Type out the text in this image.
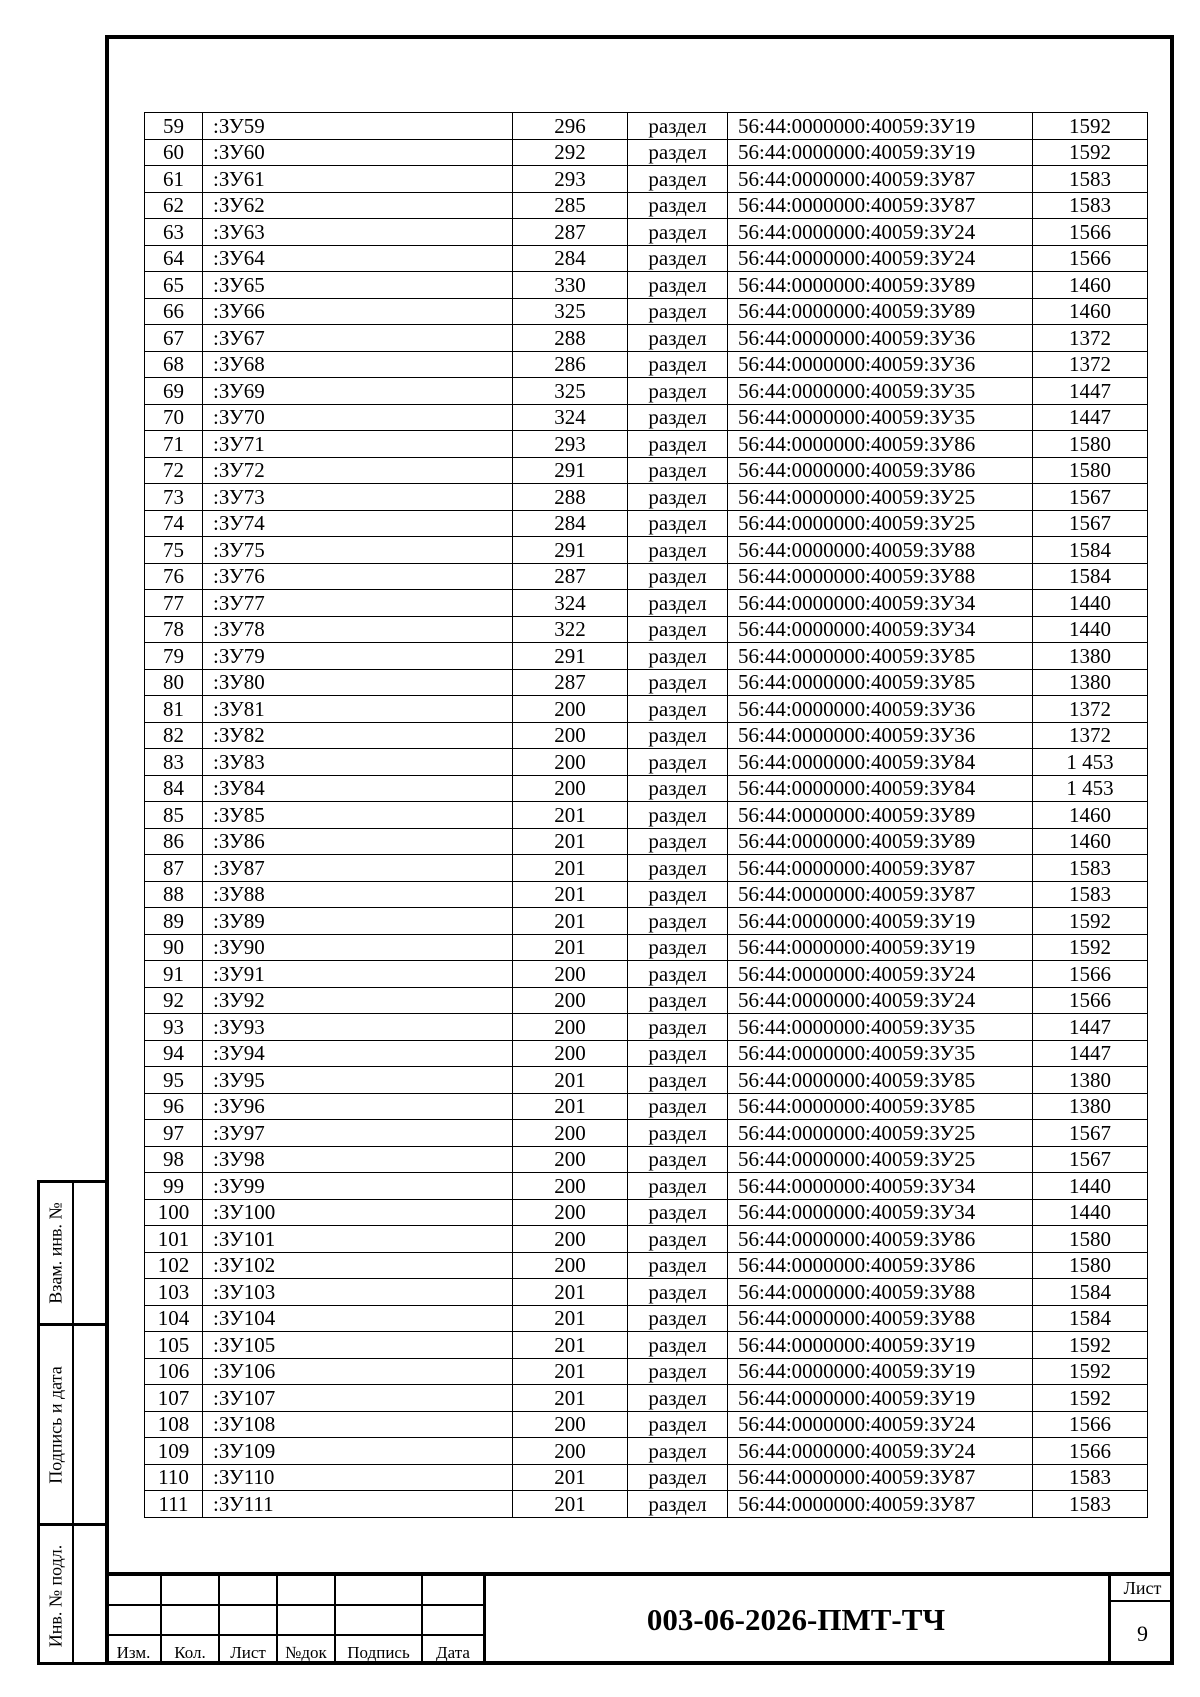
Взам. инв. №
Подпись и дата
Инв. № подл.
59	:ЗУ59	296	раздел	56:44:0000000:40059:ЗУ19	1592
60	:ЗУ60	292	раздел	56:44:0000000:40059:ЗУ19	1592
61	:ЗУ61	293	раздел	56:44:0000000:40059:ЗУ87	1583
62	:ЗУ62	285	раздел	56:44:0000000:40059:ЗУ87	1583
63	:ЗУ63	287	раздел	56:44:0000000:40059:ЗУ24	1566
64	:ЗУ64	284	раздел	56:44:0000000:40059:ЗУ24	1566
65	:ЗУ65	330	раздел	56:44:0000000:40059:ЗУ89	1460
66	:ЗУ66	325	раздел	56:44:0000000:40059:ЗУ89	1460
67	:ЗУ67	288	раздел	56:44:0000000:40059:ЗУ36	1372
68	:ЗУ68	286	раздел	56:44:0000000:40059:ЗУ36	1372
69	:ЗУ69	325	раздел	56:44:0000000:40059:ЗУ35	1447
70	:ЗУ70	324	раздел	56:44:0000000:40059:ЗУ35	1447
71	:ЗУ71	293	раздел	56:44:0000000:40059:ЗУ86	1580
72	:ЗУ72	291	раздел	56:44:0000000:40059:ЗУ86	1580
73	:ЗУ73	288	раздел	56:44:0000000:40059:ЗУ25	1567
74	:ЗУ74	284	раздел	56:44:0000000:40059:ЗУ25	1567
75	:ЗУ75	291	раздел	56:44:0000000:40059:ЗУ88	1584
76	:ЗУ76	287	раздел	56:44:0000000:40059:ЗУ88	1584
77	:ЗУ77	324	раздел	56:44:0000000:40059:ЗУ34	1440
78	:ЗУ78	322	раздел	56:44:0000000:40059:ЗУ34	1440
79	:ЗУ79	291	раздел	56:44:0000000:40059:ЗУ85	1380
80	:ЗУ80	287	раздел	56:44:0000000:40059:ЗУ85	1380
81	:ЗУ81	200	раздел	56:44:0000000:40059:ЗУ36	1372
82	:ЗУ82	200	раздел	56:44:0000000:40059:ЗУ36	1372
83	:ЗУ83	200	раздел	56:44:0000000:40059:ЗУ84	1 453
84	:ЗУ84	200	раздел	56:44:0000000:40059:ЗУ84	1 453
85	:ЗУ85	201	раздел	56:44:0000000:40059:ЗУ89	1460
86	:ЗУ86	201	раздел	56:44:0000000:40059:ЗУ89	1460
87	:ЗУ87	201	раздел	56:44:0000000:40059:ЗУ87	1583
88	:ЗУ88	201	раздел	56:44:0000000:40059:ЗУ87	1583
89	:ЗУ89	201	раздел	56:44:0000000:40059:ЗУ19	1592
90	:ЗУ90	201	раздел	56:44:0000000:40059:ЗУ19	1592
91	:ЗУ91	200	раздел	56:44:0000000:40059:ЗУ24	1566
92	:ЗУ92	200	раздел	56:44:0000000:40059:ЗУ24	1566
93	:ЗУ93	200	раздел	56:44:0000000:40059:ЗУ35	1447
94	:ЗУ94	200	раздел	56:44:0000000:40059:ЗУ35	1447
95	:ЗУ95	201	раздел	56:44:0000000:40059:ЗУ85	1380
96	:ЗУ96	201	раздел	56:44:0000000:40059:ЗУ85	1380
97	:ЗУ97	200	раздел	56:44:0000000:40059:ЗУ25	1567
98	:ЗУ98	200	раздел	56:44:0000000:40059:ЗУ25	1567
99	:ЗУ99	200	раздел	56:44:0000000:40059:ЗУ34	1440
100	:ЗУ100	200	раздел	56:44:0000000:40059:ЗУ34	1440
101	:ЗУ101	200	раздел	56:44:0000000:40059:ЗУ86	1580
102	:ЗУ102	200	раздел	56:44:0000000:40059:ЗУ86	1580
103	:ЗУ103	201	раздел	56:44:0000000:40059:ЗУ88	1584
104	:ЗУ104	201	раздел	56:44:0000000:40059:ЗУ88	1584
105	:ЗУ105	201	раздел	56:44:0000000:40059:ЗУ19	1592
106	:ЗУ106	201	раздел	56:44:0000000:40059:ЗУ19	1592
107	:ЗУ107	201	раздел	56:44:0000000:40059:ЗУ19	1592
108	:ЗУ108	200	раздел	56:44:0000000:40059:ЗУ24	1566
109	:ЗУ109	200	раздел	56:44:0000000:40059:ЗУ24	1566
110	:ЗУ110	201	раздел	56:44:0000000:40059:ЗУ87	1583
111	:ЗУ111	201	раздел	56:44:0000000:40059:ЗУ87	1583

Изм.	Кол.	Лист	№док	Подпись	Дата
003-06-2026-ПМТ-ТЧ
Лист
9
